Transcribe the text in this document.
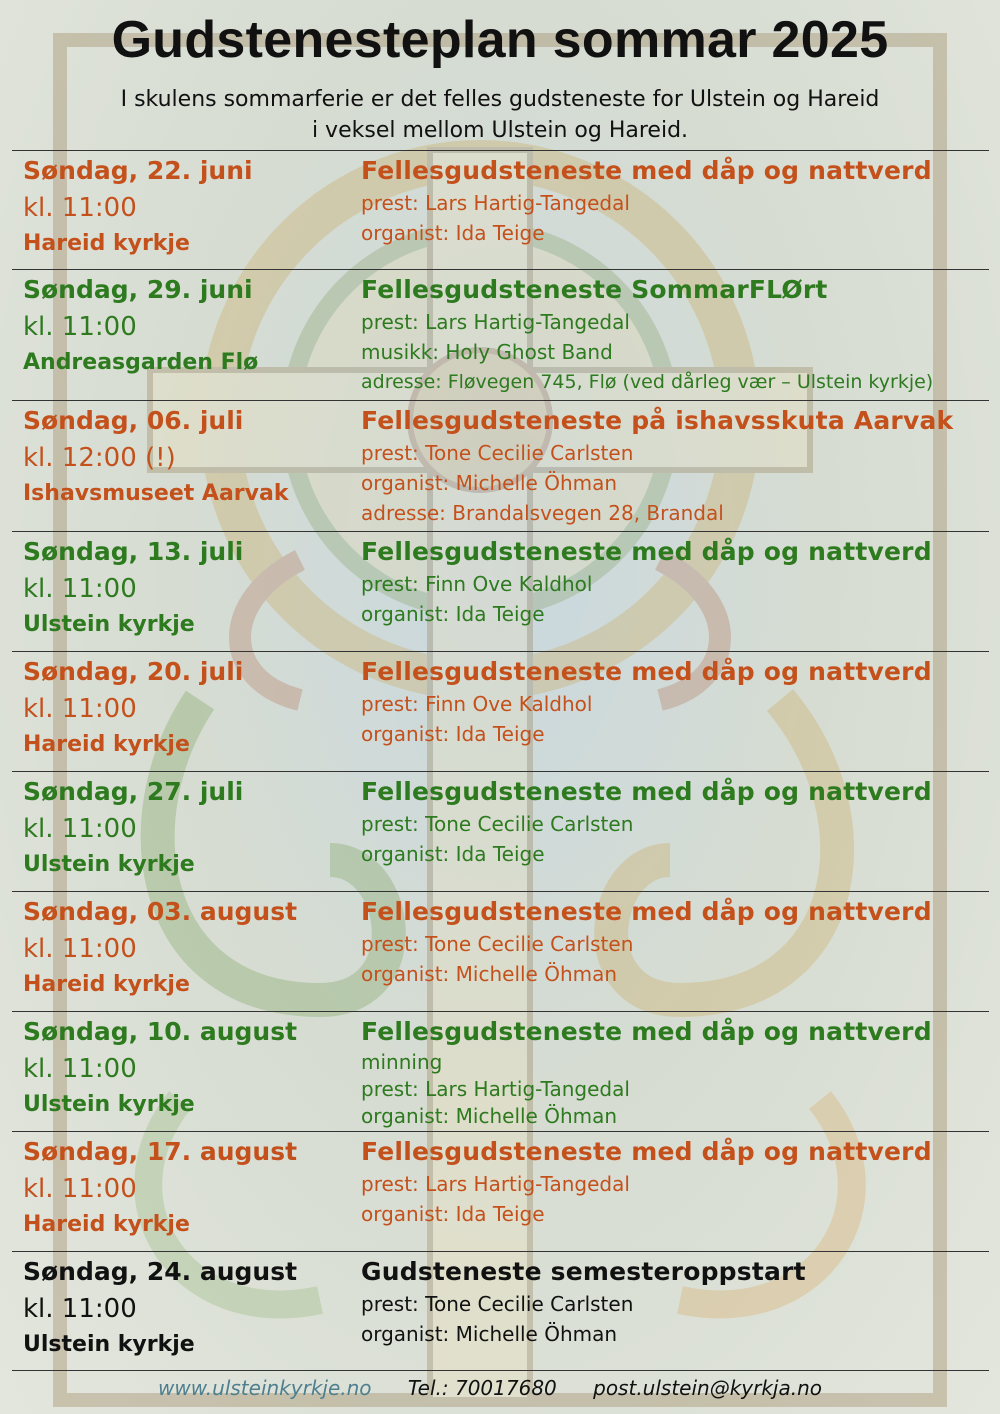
Gudstenesteplan sommar 2025
I skulens sommarferie er det felles gudsteneste for Ulstein og Hareid
i veksel mellom Ulstein og Hareid.
Søndag, 22. juni
kl. 11:00
Hareid kyrkje
Fellesgudsteneste med dåp og nattverd
prest: Lars Hartig-Tangedal
organist: Ida Teige
Søndag, 29. juni
kl. 11:00
Andreasgarden Flø
Fellesgudsteneste SommarFLØrt
prest: Lars Hartig-Tangedal
musikk: Holy Ghost Band
adresse: Fløvegen 745, Flø (ved dårleg vær – Ulstein kyrkje)
Søndag, 06. juli
kl. 12:00 (!)
Ishavsmuseet Aarvak
Fellesgudsteneste på ishavsskuta Aarvak
prest: Tone Cecilie Carlsten
organist: Michelle Öhman
adresse: Brandalsvegen 28, Brandal
Søndag, 13. juli
kl. 11:00
Ulstein kyrkje
Fellesgudsteneste med dåp og nattverd
prest: Finn Ove Kaldhol
organist: Ida Teige
Søndag, 20. juli
kl. 11:00
Hareid kyrkje
Fellesgudsteneste med dåp og nattverd
prest: Finn Ove Kaldhol
organist: Ida Teige
Søndag, 27. juli
kl. 11:00
Ulstein kyrkje
Fellesgudsteneste med dåp og nattverd
prest: Tone Cecilie Carlsten
organist: Ida Teige
Søndag, 03. august
kl. 11:00
Hareid kyrkje
Fellesgudsteneste med dåp og nattverd
prest: Tone Cecilie Carlsten
organist: Michelle Öhman
Søndag, 10. august
kl. 11:00
Ulstein kyrkje
Fellesgudsteneste med dåp og nattverd
minning
prest: Lars Hartig-Tangedal
organist: Michelle Öhman
Søndag, 17. august
kl. 11:00
Hareid kyrkje
Fellesgudsteneste med dåp og nattverd
prest: Lars Hartig-Tangedal
organist: Ida Teige
Søndag, 24. august
kl. 11:00
Ulstein kyrkje
Gudsteneste semesteroppstart
prest: Tone Cecilie Carlsten
organist: Michelle Öhman
www.ulsteinkyrkje.no Tel.: 70017680 post.ulstein@kyrkja.no
